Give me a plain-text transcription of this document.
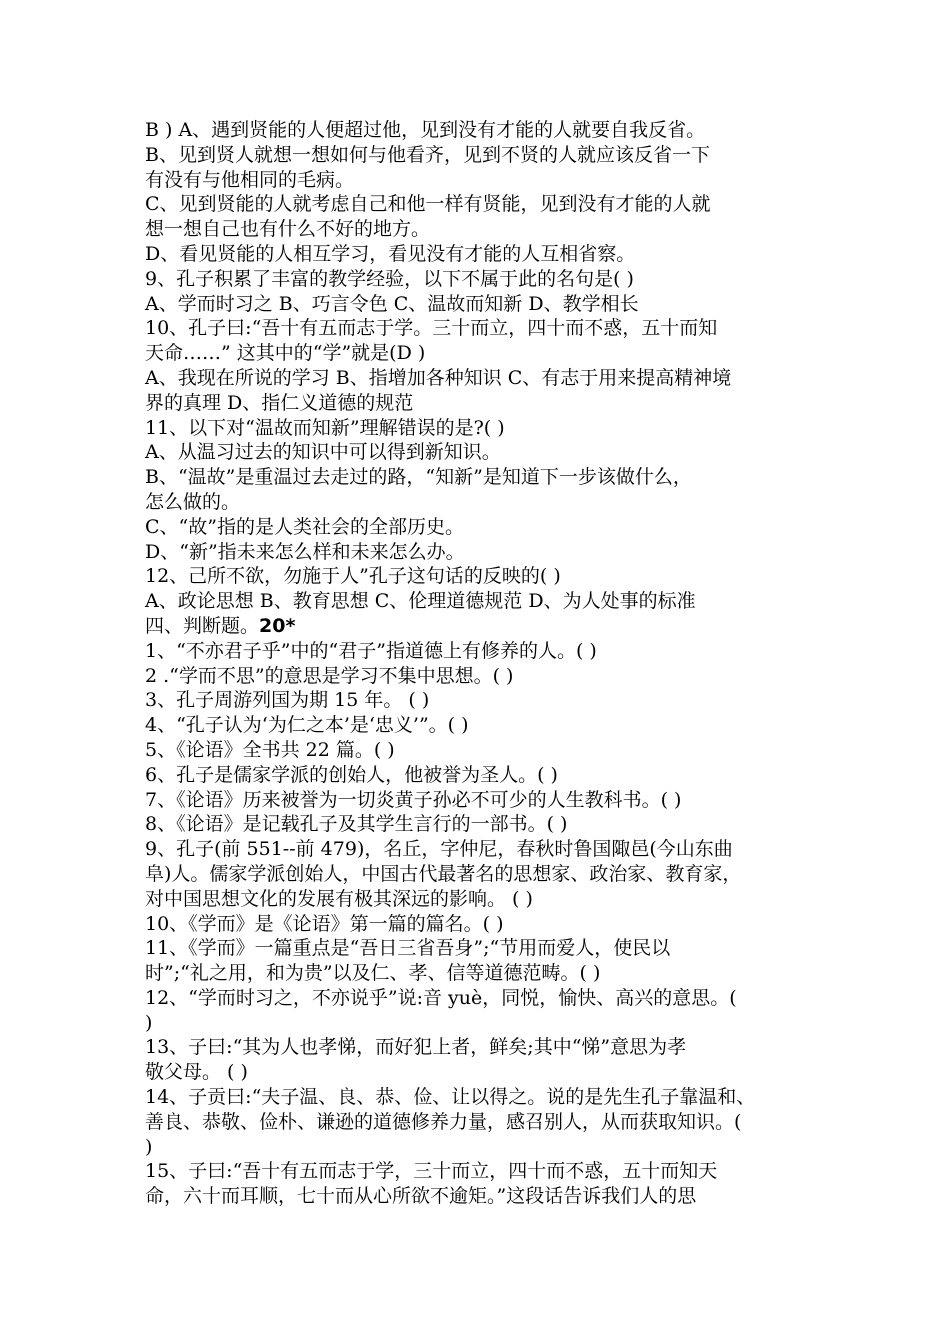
B ) A、遇到贤能的人便超过他，见到没有才能的人就要自我反省。
B、见到贤人就想一想如何与他看齐，见到不贤的人就应该反省一下
有没有与他相同的毛病。
C、见到贤能的人就考虑自己和他一样有贤能，见到没有才能的人就
想一想自己也有什么不好的地方。
D、看见贤能的人相互学习，看见没有才能的人互相省察。
9、孔子积累了丰富的教学经验，以下不属于此的名句是( )
A、学而时习之 B、巧言令色 C、温故而知新 D、教学相长
10、孔子曰:“吾十有五而志于学。三十而立，四十而不惑，五十而知
天命……” 这其中的“学”就是(D )
A、我现在所说的学习 B、指增加各种知识 C、有志于用来提高精神境
界的真理 D、指仁义道德的规范
11、以下对“温故而知新”理解错误的是?( )
A、从温习过去的知识中可以得到新知识。
B、“温故”是重温过去走过的路，“知新”是知道下一步该做什么，
怎么做的。
C、“故”指的是人类社会的全部历史。
D、“新”指未来怎么样和未来怎么办。
12、己所不欲，勿施于人”孔子这句话的反映的( )
A、政论思想 B、教育思想 C、伦理道德规范 D、为人处事的标准
四、判断题。20*
1、“不亦君子乎”中的“君子”指道德上有修养的人。( )
2 .“学而不思”的意思是学习不集中思想。( )
3、孔子周游列国为期 15 年。 ( )
4、“孔子认为‘为仁之本’是‘忠义’”。( )
5、《论语》全书共 22 篇。( )
6、孔子是儒家学派的创始人，他被誉为圣人。( )
7、《论语》历来被誉为一切炎黄子孙必不可少的人生教科书。( )
8、《论语》是记载孔子及其学生言行的一部书。( )
9、孔子(前 551--前 479)，名丘，字仲尼，春秋时鲁国陬邑(今山东曲
阜)人。儒家学派创始人，中国古代最著名的思想家、政治家、教育家，
对中国思想文化的发展有极其深远的影响。 ( )
10、《学而》是《论语》第一篇的篇名。( )
11、《学而》一篇重点是“吾日三省吾身”;“节用而爱人，使民以
时”;“礼之用，和为贵”以及仁、孝、信等道德范畴。( )
12、“学而时习之，不亦说乎”说:音 yuè，同悦，愉快、高兴的意思。(
)
13、子曰:“其为人也孝悌，而好犯上者，鲜矣;其中“悌”意思为孝
敬父母。 ( )
14、子贡曰:“夫子温、良、恭、俭、让以得之。说的是先生孔子靠温和、
善良、恭敬、俭朴、谦逊的道德修养力量，感召别人，从而获取知识。(
)
15、子曰:“吾十有五而志于学，三十而立，四十而不惑，五十而知天
命，六十而耳顺，七十而从心所欲不逾矩。”这段话告诉我们人的思
